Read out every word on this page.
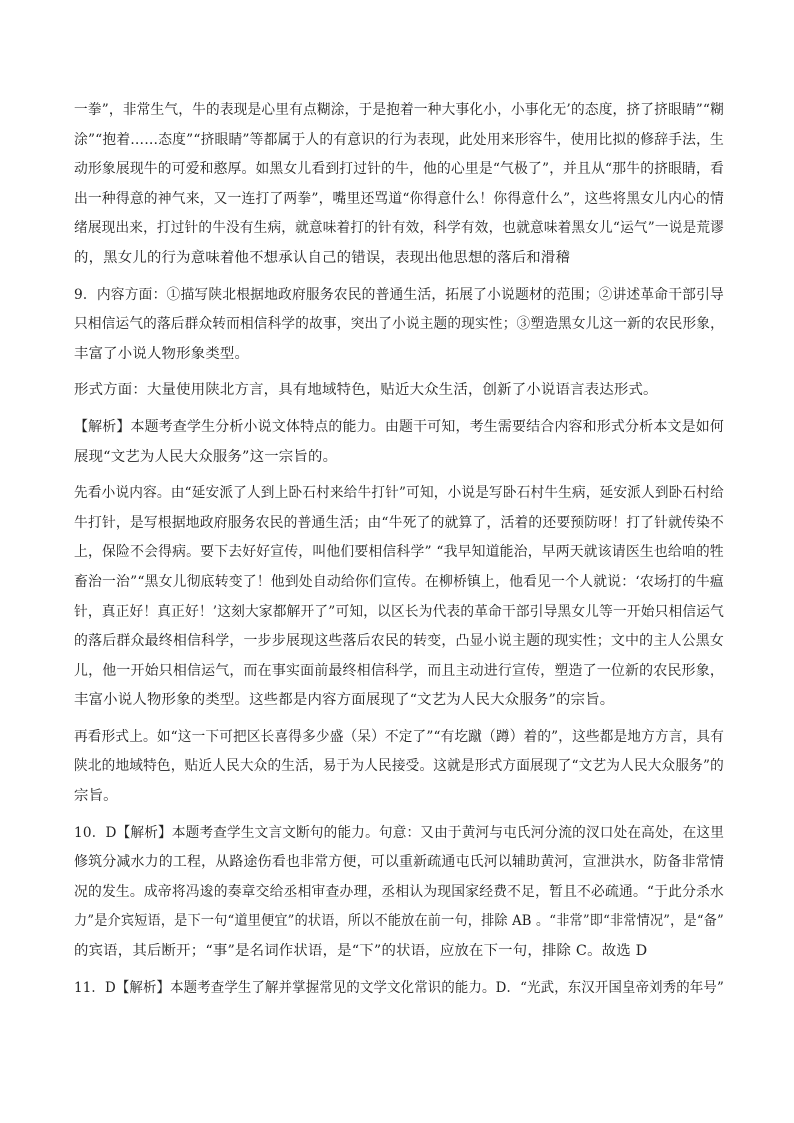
一拳”，非常生气，牛的表现是心里有点糊涂，于是抱着一种大事化小，小事化无’的态度，挤了挤眼睛”“糊
涂”“抱着……态度”“挤眼睛”等都属于人的有意识的行为表现，此处用来形容牛，使用比拟的修辞手法，生
动形象展现牛的可爱和憨厚。如黑女儿看到打过针的牛，他的心里是“气极了”，并且从“那牛的挤眼睛，看
出一种得意的神气来，又一连打了两拳”，嘴里还骂道“你得意什么！你得意什么”，这些将黑女儿内心的情
绪展现出来，打过针的牛没有生病，就意味着打的针有效，科学有效，也就意味着黑女儿“运气”一说是荒谬
的，黑女儿的行为意味着他不想承认自己的错误，表现出他思想的落后和滑稽
9．内容方面：①描写陕北根据地政府服务农民的普通生活，拓展了小说题材的范围；②讲述革命干部引导
只相信运气的落后群众转而相信科学的故事，突出了小说主题的现实性；③塑造黑女儿这一新的农民形象，
丰富了小说人物形象类型。
形式方面：大量使用陕北方言，具有地域特色，贴近大众生活，创新了小说语言表达形式。
【解析】本题考查学生分析小说文体特点的能力。由题干可知，考生需要结合内容和形式分析本文是如何
展现“文艺为人民大众服务”这一宗旨的。
先看小说内容。由“延安派了人到上卧石村来给牛打针”可知，小说是写卧石村牛生病，延安派人到卧石村给
牛打针，是写根据地政府服务农民的普通生活；由“牛死了的就算了，活着的还要预防呀！打了针就传染不
上，保险不会得病。要下去好好宣传，叫他们要相信科学” “我早知道能治，早两天就该请医生也给咱的牲
畜治一治”“黑女儿彻底转变了！他到处自动给你们宣传。在柳桥镇上，他看见一个人就说：‘农场打的牛瘟
针，真正好！真正好！’这刻大家都解开了”可知，以区长为代表的革命干部引导黑女儿等一开始只相信运气
的落后群众最终相信科学，一步步展现这些落后农民的转变，凸显小说主题的现实性；文中的主人公黑女
儿，他一开始只相信运气，而在事实面前最终相信科学，而且主动进行宣传，塑造了一位新的农民形象，
丰富小说人物形象的类型。这些都是内容方面展现了“文艺为人民大众服务”的宗旨。
再看形式上。如“这一下可把区长喜得多少盛（呆）不定了”“有圪蹴（蹲）着的”，这些都是地方方言，具有
陕北的地域特色，贴近人民大众的生活，易于为人民接受。这就是形式方面展现了“文艺为人民大众服务”的
宗旨。
10．D【解析】本题考查学生文言文断句的能力。句意：又由于黄河与屯氏河分流的汊口处在高处，在这里
修筑分减水力的工程，从路途伤看也非常方便，可以重新疏通屯氏河以辅助黄河，宣泄洪水，防备非常情
况的发生。成帝将冯逡的奏章交给丞相审查办理，丞相认为现国家经费不足，暂且不必疏通。“于此分杀水
力”是介宾短语，是下一句“道里便宜”的状语，所以不能放在前一句，排除 AB 。“非常”即“非常情况”，是“备”
的宾语，其后断开；“事”是名词作状语，是“下”的状语，应放在下一句，排除 C。故选 D
11．D【解析】本题考查学生了解并掌握常见的文学文化常识的能力。D．“光武，东汉开国皇帝刘秀的年号”
